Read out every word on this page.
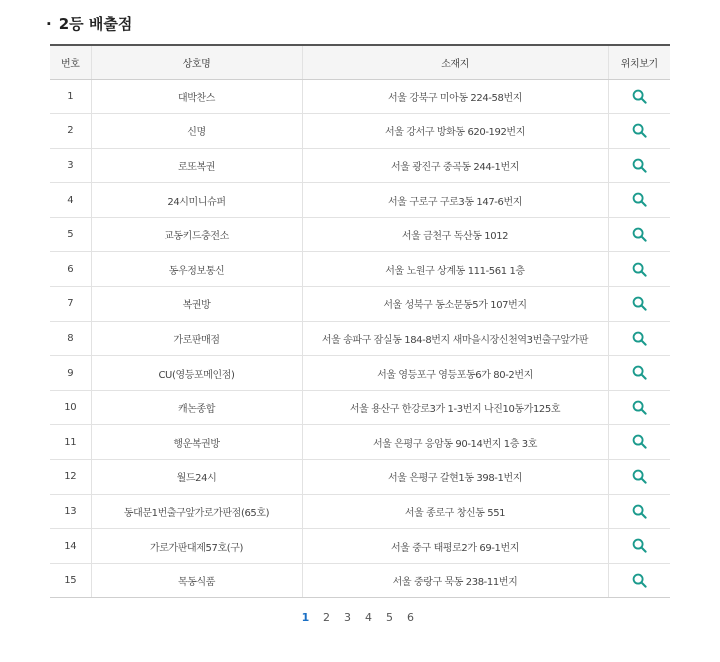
· 2등 배출점
번호	상호명	소재지	위치보기
1	대박찬스	서울 강북구 미아동 224-58번지	

2	신명	서울 강서구 방화동 620-192번지	

3	로또복권	서울 광진구 중곡동 244-1번지	

4	24시미니슈퍼	서울 구로구 구로3동 147-6번지	

5	교동키드충전소	서울 금천구 독산동 1012	

6	동우정보통신	서울 노원구 상계동 111-561 1층	

7	복권방	서울 성북구 동소문동5가 107번지	

8	가로판매점	서울 송파구 잠실동 184-8번지 새마을시장신천역3번출구앞가판	

9	CU(영등포메인점)	서울 영등포구 영등포동6가 80-2번지	

10	캐논종합	서울 용산구 한강로3가 1-3번지 나진10동가125호	

11	행운복권방	서울 은평구 응암동 90-14번지 1층 3호	

12	월드24시	서울 은평구 갈현1동 398-1번지	

13	동대문1번출구앞가로가판점(65호)	서울 종로구 창신동 551	

14	가로가판대제57호(구)	서울 중구 태평로2가 69-1번지	

15	목동식품	서울 중랑구 묵동 238-11번지	
1	2	3	4	5	6
